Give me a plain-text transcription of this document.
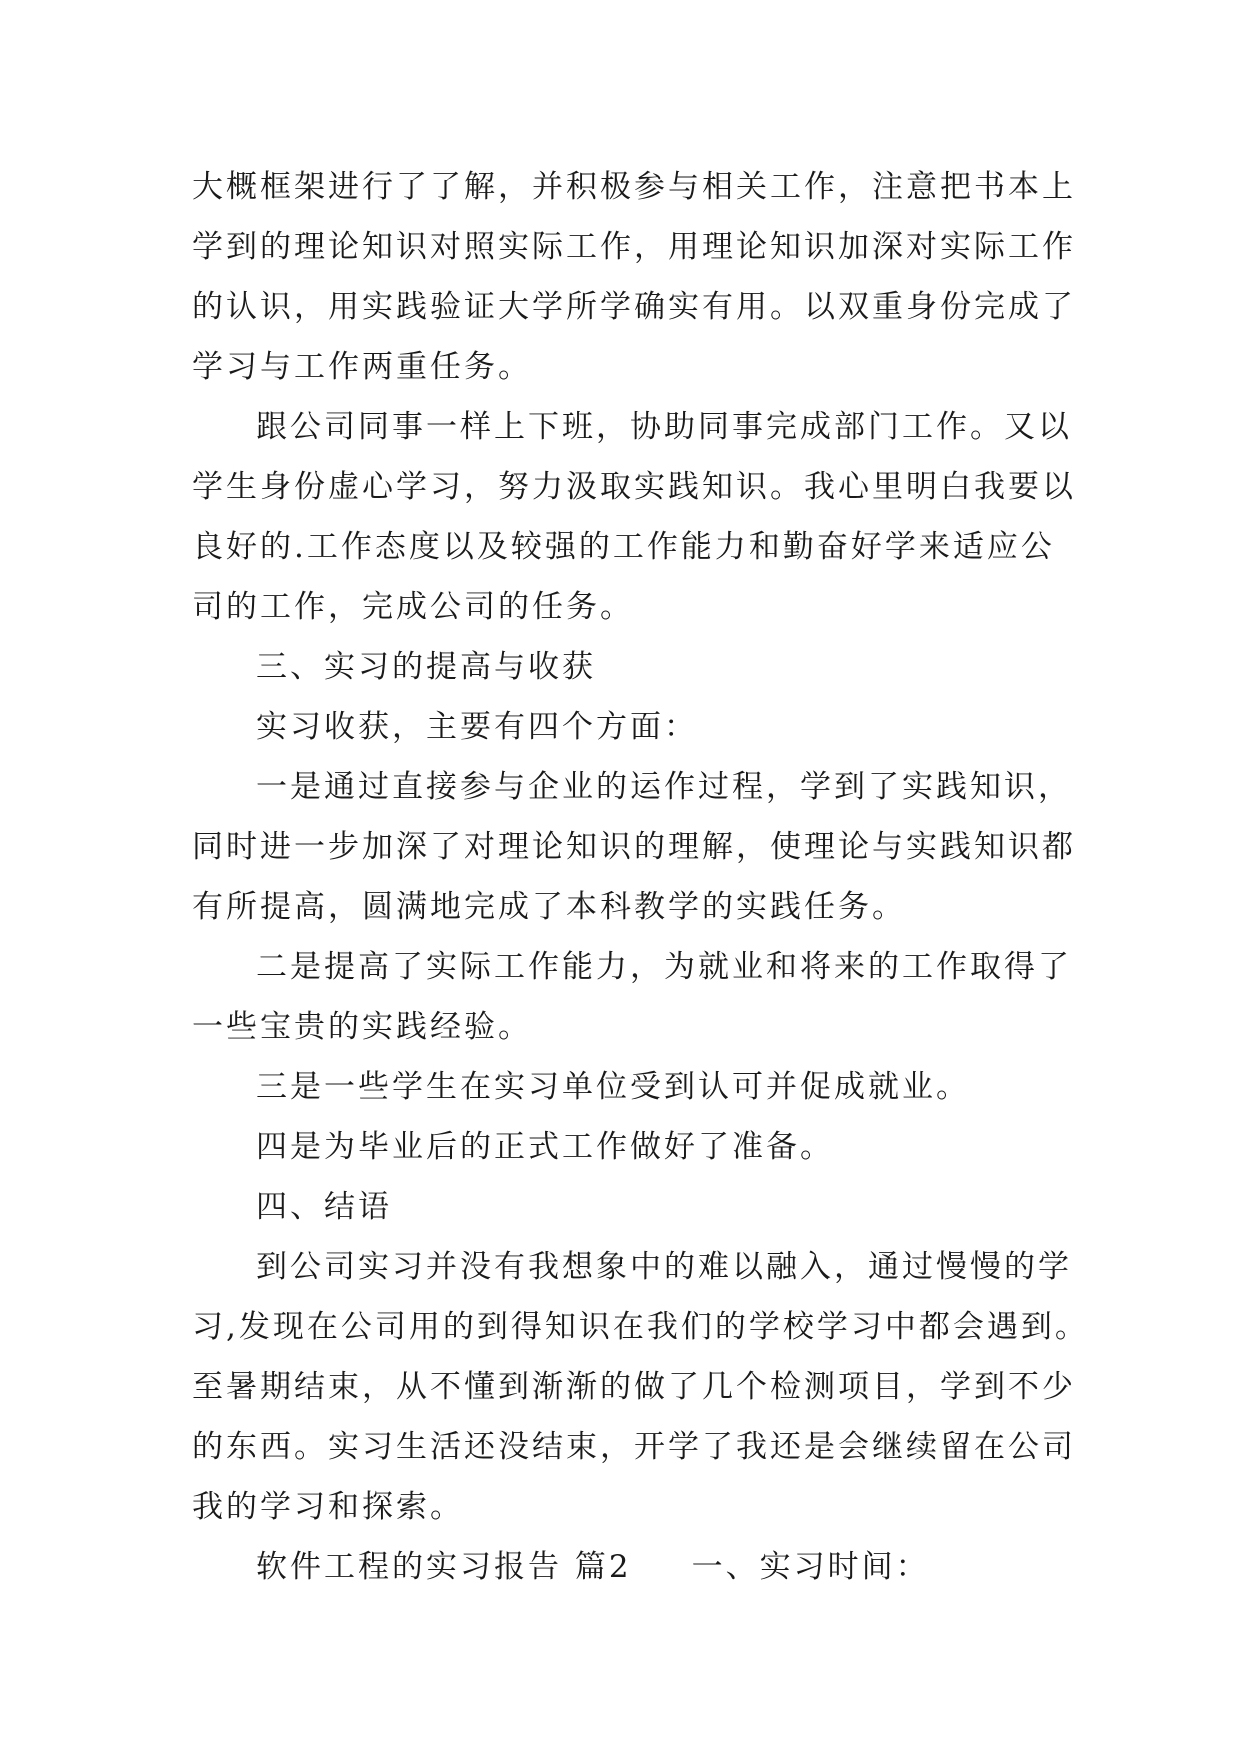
大概框架进行了了解，并积极参与相关工作，注意把书本上
学到的理论知识对照实际工作，用理论知识加深对实际工作
的认识，用实践验证大学所学确实有用。以双重身份完成了
学习与工作两重任务。
跟公司同事一样上下班，协助同事完成部门工作。又以
学生身份虚心学习，努力汲取实践知识。我心里明白我要以
良好的.工作态度以及较强的工作能力和勤奋好学来适应公
司的工作，完成公司的任务。
三、实习的提高与收获
实习收获，主要有四个方面：
一是通过直接参与企业的运作过程，学到了实践知识，
同时进一步加深了对理论知识的理解，使理论与实践知识都
有所提高，圆满地完成了本科教学的实践任务。
二是提高了实际工作能力，为就业和将来的工作取得了
一些宝贵的实践经验。
三是一些学生在实习单位受到认可并促成就业。
四是为毕业后的正式工作做好了准备。
四、结语
到公司实习并没有我想象中的难以融入，通过慢慢的学
习,发现在公司用的到得知识在我们的学校学习中都会遇到。
至暑期结束，从不懂到渐渐的做了几个检测项目，学到不少
的东西。实习生活还没结束，开学了我还是会继续留在公司
我的学习和探索。
软件工程的实习报告 篇2 一、实习时间：
